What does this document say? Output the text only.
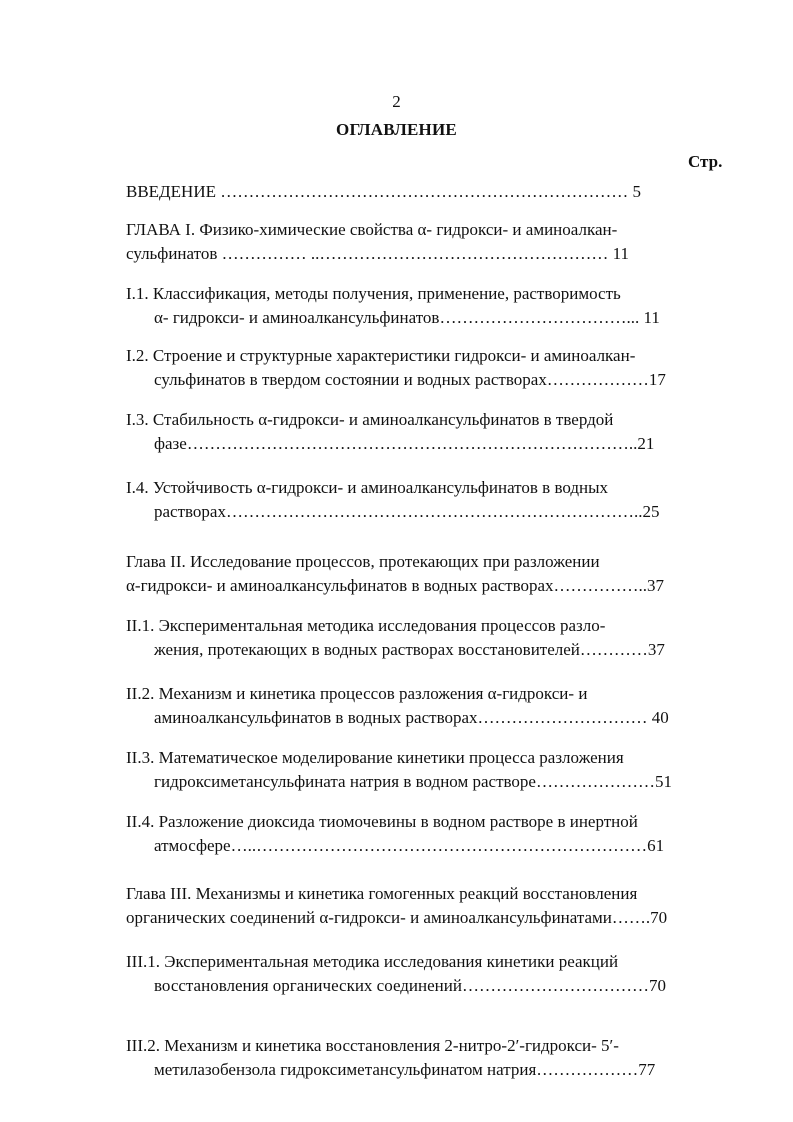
2
ОГЛАВЛЕНИЕ
Стр.
ВВЕДЕНИЕ ……………………………………………………………… 5
ГЛАВА I. Физико-химические свойства α- гидрокси- и аминоалкан-
сульфинатов …………… ..…………………………………………… 11
I.1. Классификация, методы получения, применение, растворимость
α- гидрокси- и аминоалкансульфинатов……………………………... 11
I.2. Строение и структурные характеристики гидрокси- и аминоалкан-
сульфинатов в твердом состоянии и водных растворах………………17
I.3. Стабильность α-гидрокси- и аминоалкансульфинатов в твердой
фазе……………………………………………………………………..21
I.4. Устойчивость α-гидрокси- и аминоалкансульфинатов в водных
растворах………………………………………………………………..25
Глава II. Исследование процессов, протекающих при разложении
α-гидрокси- и аминоалкансульфинатов в водных растворах……………..37
II.1. Экспериментальная методика исследования процессов разло-
жения, протекающих в водных растворах восстановителей…………37
II.2. Механизм и кинетика процессов разложения α-гидрокси- и
аминоалкансульфинатов в водных растворах………………………… 40
II.3. Математическое моделирование кинетики процесса разложения
гидроксиметансульфината натрия в водном растворе…………………51
II.4. Разложение диоксида тиомочевины в водном растворе в инертной
атмосфере…..……………………………………………………………61
Глава III. Механизмы и кинетика гомогенных реакций восстановления
органических соединений α-гидрокси- и аминоалкансульфинатами…….70
III.1. Экспериментальная методика исследования кинетики реакций
восстановления органических соединений……………………………70
III.2. Механизм и кинетика восстановления 2-нитро-2′-гидрокси- 5′-
метилазобензола гидроксиметансульфинатом натрия………………77
